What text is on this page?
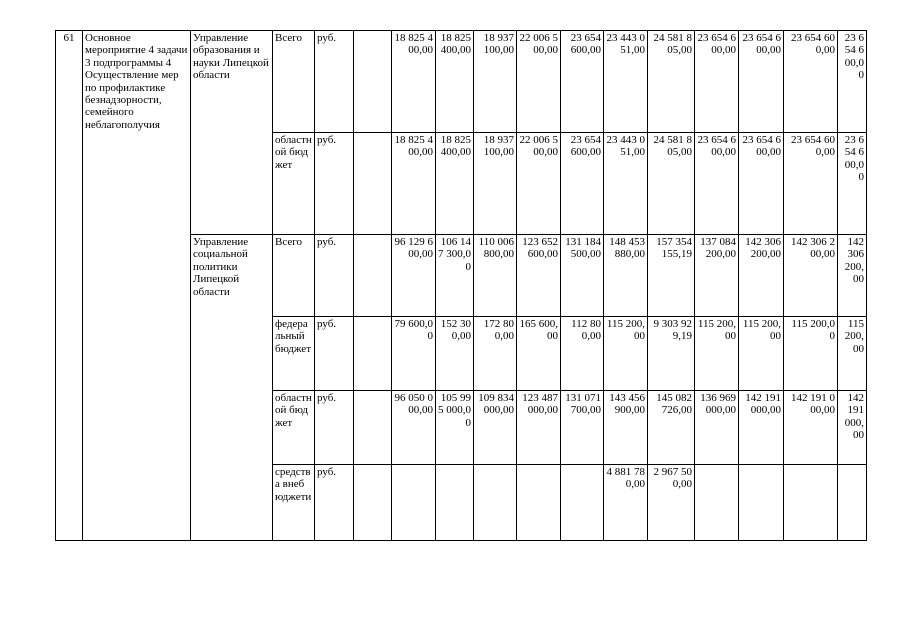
61	Основное мероприятие 4 задачи 3 подпрограммы 4 Осуществление мер по профилактике безнадзорности, семейного неблагополучия	Управление образования и науки Липецкой области	Всего	руб.		18 825 400,00	18 825 400,00	18 937 100,00	22 006 500,00	23 654 600,00	23 443 051,00	24 581 805,00	23 654 600,00	23 654 600,00	23 654 600,00	23 654 600,00
			областной бюджет	руб.		18 825 400,00	18 825 400,00	18 937 100,00	22 006 500,00	23 654 600,00	23 443 051,00	24 581 805,00	23 654 600,00	23 654 600,00	23 654 600,00	23 654 600,00
		Управление социальной политики Липецкой области	Всего	руб.		96 129 600,00	106 147 300,00	110 006 800,00	123 652 600,00	131 184 500,00	148 453 880,00	157 354 155,19	137 084 200,00	142 306 200,00	142 306 200,00	142 306 200,00
			федеральный бюджет	руб.		79 600,00	152 300,00	172 800,00	165 600,00	112 800,00	115 200,00	9 303 929,19	115 200,00	115 200,00	115 200,00	115 200,00
			областной бюджет	руб.		96 050 000,00	105 995 000,00	109 834 000,00	123 487 000,00	131 071 700,00	143 456 900,00	145 082 726,00	136 969 000,00	142 191 000,00	142 191 000,00	142 191 000,00
			средства внебюджети	руб.							4 881 780,00	2 967 500,00				
